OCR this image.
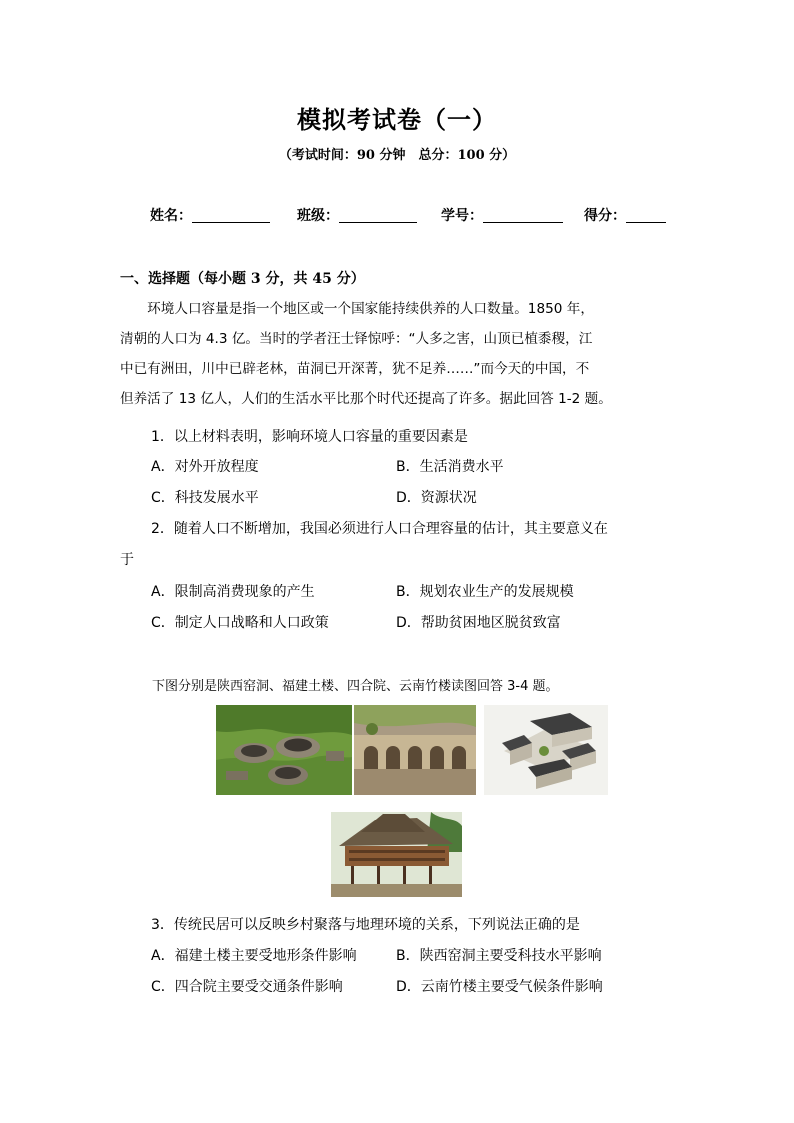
模拟考试卷（一）
（考试时间：90 分钟　总分：100 分）
姓名：	班级：	学号：	得分：
一、选择题（每小题 3 分，共 45 分）

　　环境人口容量是指一个地区或一个国家能持续供养的人口数量。1850 年，

清朝的人口为 4.3 亿。当时的学者汪士铎惊呼：“人多之害，山顶已植黍稷，江

中已有洲田，川中已辟老林，苗洞已开深菁，犹不足养……”而今天的中国，不

但养活了 13 亿人，人们的生活水平比那个时代还提高了许多。据此回答 1-2 题。

1．以上材料表明，影响环境人口容量的重要因素是
A．对外开放程度	B．生活消费水平
C．科技发展水平	D．资源状况
2．随着人口不断增加，我国必须进行人口合理容量的估计，其主要意义在
于
A．限制高消费现象的产生	B．规划农业生产的发展规模
C．制定人口战略和人口政策	D．帮助贫困地区脱贫致富
下图分别是陕西窑洞、福建土楼、四合院、云南竹楼读图回答 3-4 题。
3．传统民居可以反映乡村聚落与地理环境的关系，下列说法正确的是
A．福建土楼主要受地形条件影响	B．陕西窑洞主要受科技水平影响
C．四合院主要受交通条件影响	D．云南竹楼主要受气候条件影响
